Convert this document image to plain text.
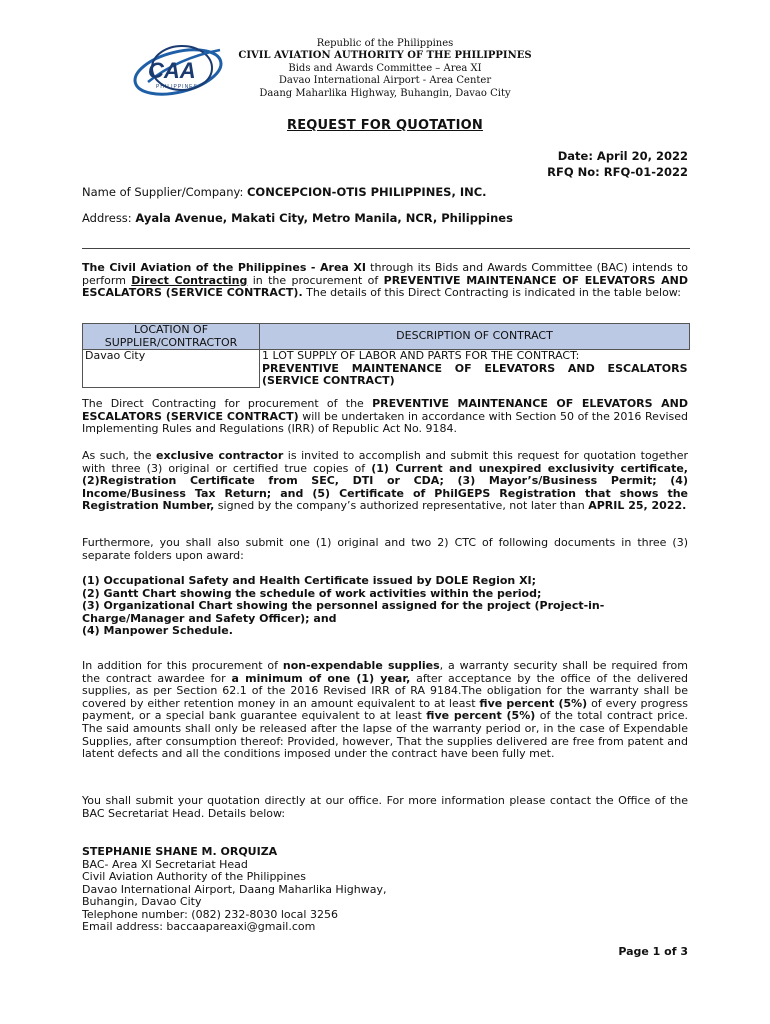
CAA
PHILIPPINES
Republic of the Philippines
CIVIL AVIATION AUTHORITY OF THE PHILIPPINES
Bids and Awards Committee – Area XI
Davao International Airport - Area Center
Daang Maharlika Highway, Buhangin, Davao City
REQUEST FOR QUOTATION
Date: April 20, 2022
RFQ No: RFQ-01-2022
Name of Supplier/Company: CONCEPCION-OTIS PHILIPPINES, INC.
Address: Ayala Avenue, Makati City, Metro Manila, NCR, Philippines
The Civil Aviation of the Philippines - Area XI through its Bids and Awards Committee (BAC) intends to perform Direct Contracting in the procurement of PREVENTIVE MAINTENANCE OF ELEVATORS AND ESCALATORS (SERVICE CONTRACT). The details of this Direct Contracting is indicated in the table below:
LOCATION OF SUPPLIER/CONTRACTOR	DESCRIPTION OF CONTRACT
Davao City	1 LOT SUPPLY OF LABOR AND PARTS FOR THE CONTRACT:
PREVENTIVE MAINTENANCE OF ELEVATORS AND ESCALATORS (SERVICE CONTRACT)
The Direct Contracting for procurement of the PREVENTIVE MAINTENANCE OF ELEVATORS AND ESCALATORS (SERVICE CONTRACT) will be undertaken in accordance with Section 50 of the 2016 Revised Implementing Rules and Regulations (IRR) of Republic Act No. 9184.
As such, the exclusive contractor is invited to accomplish and submit this request for quotation together with three (3) original or certified true copies of (1) Current and unexpired exclusivity certificate, (2)Registration Certificate from SEC, DTI or CDA; (3) Mayor’s/Business Permit; (4) Income/Business Tax Return; and (5) Certificate of PhilGEPS Registration that shows the Registration Number, signed by the company’s authorized representative, not later than APRIL 25, 2022.
Furthermore, you shall also submit one (1) original and two 2) CTC of following documents in three (3) separate folders upon award:
(1) Occupational Safety and Health Certificate issued by DOLE Region XI;
(2) Gantt Chart showing the schedule of work activities within the period;
(3) Organizational Chart showing the personnel assigned for the project (Project-in-Charge/Manager and Safety Officer); and
(4) Manpower Schedule.
In addition for this procurement of non-expendable supplies, a warranty security shall be required from the contract awardee for a minimum of one (1) year, after acceptance by the office of the delivered supplies, as per Section 62.1 of the 2016 Revised IRR of RA 9184.The obligation for the warranty shall be covered by either retention money in an amount equivalent to at least five percent (5%) of every progress payment, or a special bank guarantee equivalent to at least five percent (5%) of the total contract price. The said amounts shall only be released after the lapse of the warranty period or, in the case of Expendable Supplies, after consumption thereof: Provided, however, That the supplies delivered are free from patent and latent defects and all the conditions imposed under the contract have been fully met.
You shall submit your quotation directly at our office. For more information please contact the Office of the BAC Secretariat Head. Details below:
STEPHANIE SHANE M. ORQUIZA
BAC- Area XI Secretariat Head
Civil Aviation Authority of the Philippines
Davao International Airport, Daang Maharlika Highway,
Buhangin, Davao City
Telephone number: (082) 232-8030 local 3256
Email address: baccaapareaxi@gmail.com
Page 1 of 3
